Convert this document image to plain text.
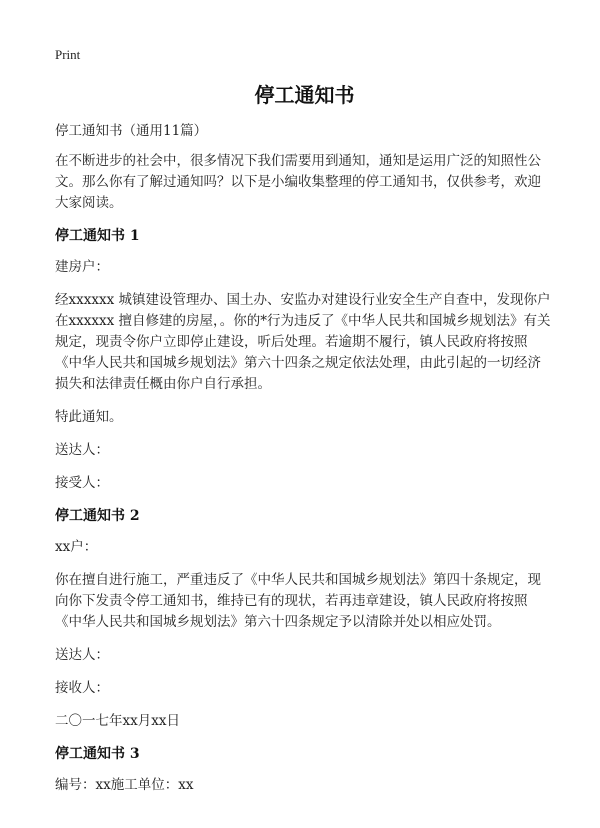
Print
停工通知书

停工通知书（通用11篇）

在不断进步的社会中，很多情况下我们需要用到通知，通知是运用广泛的知照性公文。那么你有了解过通知吗？以下是小编收集整理的停工通知书，仅供参考，欢迎大家阅读。

停工通知书 1

建房户：

经xxxxxx 城镇建设管理办、国土办、安监办对建设行业安全生产自查中，发现你户在xxxxxx 擅自修建的房屋，。你的*行为违反了《中华人民共和国城乡规划法》有关规定，现责令你户立即停止建设，听后处理。若逾期不履行，镇人民政府将按照《中华人民共和国城乡规划法》第六十四条之规定依法处理，由此引起的一切经济损失和法律责任概由你户自行承担。

特此通知。

送达人：

接受人：

停工通知书 2

xx户：

你在擅自进行施工，严重违反了《中华人民共和国城乡规划法》第四十条规定，现向你下发责令停工通知书，维持已有的现状，若再违章建设，镇人民政府将按照《中华人民共和国城乡规划法》第六十四条规定予以清除并处以相应处罚。

送达人：

接收人：

二〇一七年xx月xx日

停工通知书 3

编号：xx施工单位：xx
